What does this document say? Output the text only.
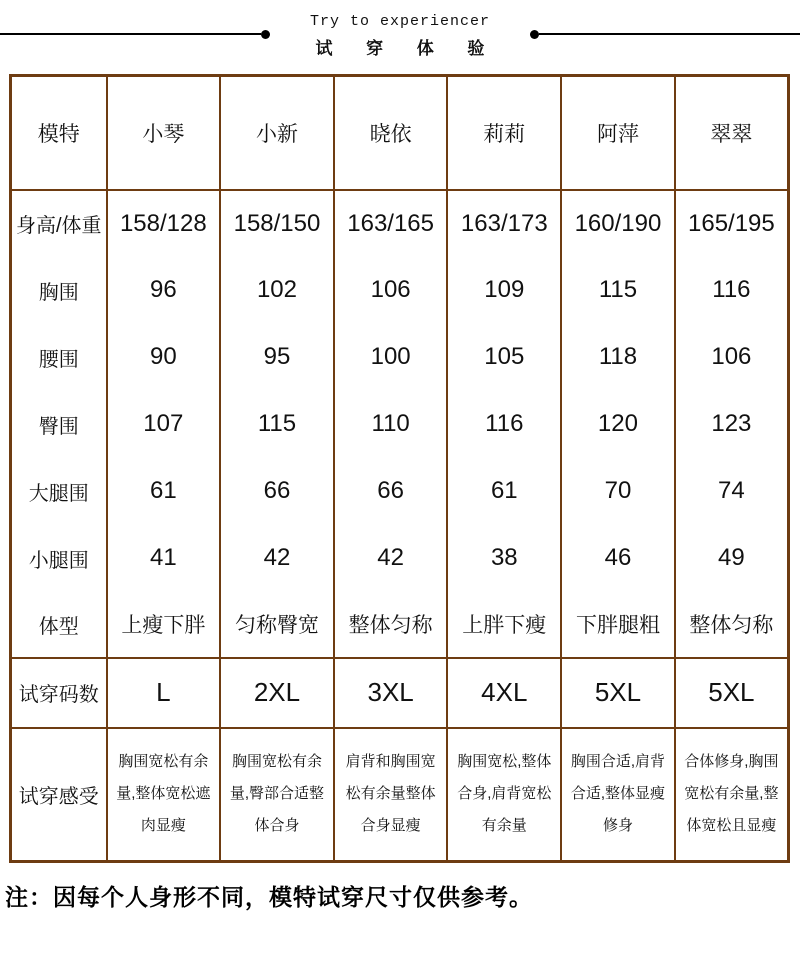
Try to experiencer
试 穿 体 验
模特	小琴	小新	晓依	莉莉	阿萍	翠翠
身高/体重	158/128	158/150	163/165	163/173	160/190	165/195
胸围	96	102	106	109	115	116
腰围	90	95	100	105	118	106
臀围	107	115	110	116	120	123
大腿围	61	66	66	61	70	74
小腿围	41	42	42	38	46	49
体型	上瘦下胖	匀称臀宽	整体匀称	上胖下瘦	下胖腿粗	整体匀称
试穿码数	L	2XL	3XL	4XL	5XL	5XL
试穿感受	胸围宽松有余量,整体宽松遮肉显瘦	胸围宽松有余量,臀部合适整体合身	肩背和胸围宽松有余量整体合身显瘦	胸围宽松,整体合身,肩背宽松有余量	胸围合适,肩背合适,整体显瘦修身	合体修身,胸围宽松有余量,整体宽松且显瘦
注：因每个人身形不同，模特试穿尺寸仅供参考。
